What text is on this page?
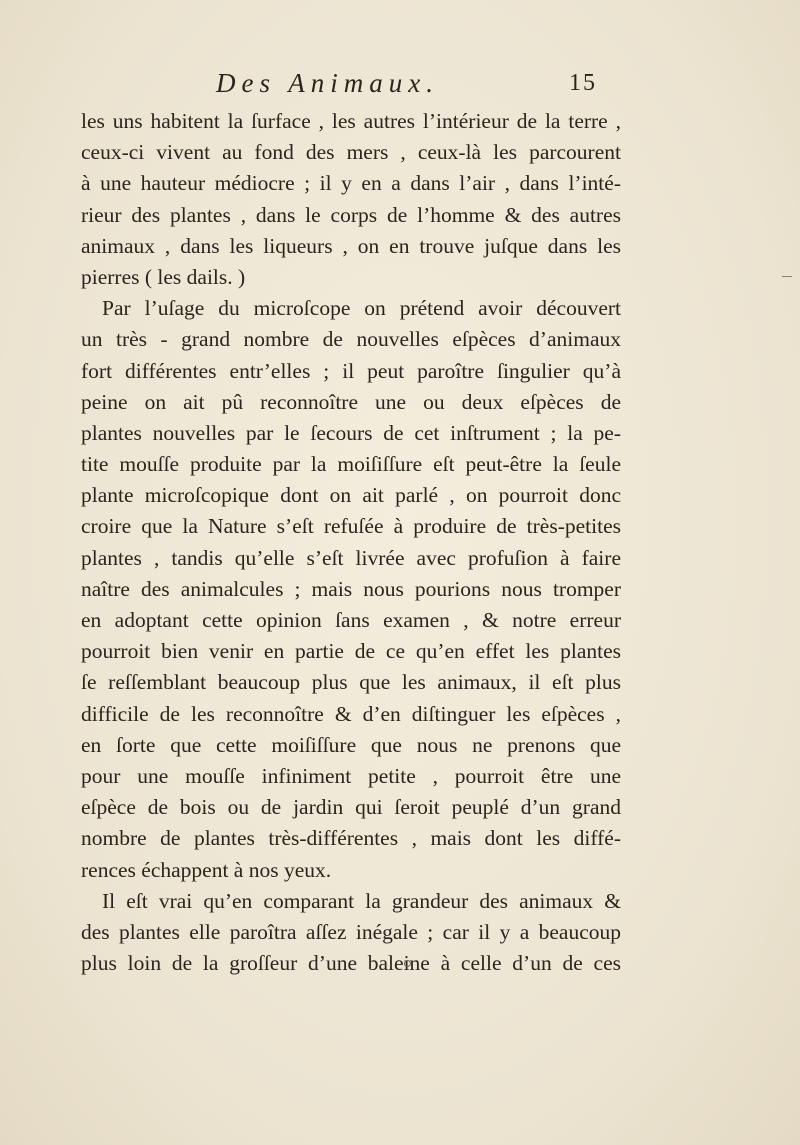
Des Animaux.	15
les uns habitent la ſurface , les autres l’intérieur de la terre ,
ceux-ci vivent au fond des mers , ceux-là les parcourent
à une hauteur médiocre ; il y en a dans l’air , dans l’inté-
rieur des plantes , dans le corps de l’homme & des autres
animaux , dans les liqueurs , on en trouve juſque dans les
pierres ( les dails. )
Par l’uſage du microſcope on prétend avoir découvert
un très - grand nombre de nouvelles eſpèces d’animaux
fort différentes entr’elles ; il peut paroître ſingulier qu’à
peine on ait pû reconnoître une ou deux eſpèces de
plantes nouvelles par le ſecours de cet inſtrument ; la pe-
tite mouſſe produite par la moiſiſſure eſt peut-être la ſeule
plante microſcopique dont on ait parlé , on pourroit donc
croire que la Nature s’eſt refuſée à produire de très-petites
plantes , tandis qu’elle s’eſt livrée avec profuſion à faire
naître des animalcules ; mais nous pourions nous tromper
en adoptant cette opinion ſans examen , & notre erreur
pourroit bien venir en partie de ce qu’en effet les plantes
ſe reſſemblant beaucoup plus que les animaux, il eſt plus
difficile de les reconnoître & d’en diſtinguer les eſpèces ,
en ſorte que cette moiſiſſure que nous ne prenons que
pour une mouſſe infiniment petite , pourroit être une
eſpèce de bois ou de jardin qui ſeroit peuplé d’un grand
nombre de plantes très-différentes , mais dont les diffé-
rences échappent à nos yeux.
Il eſt vrai qu’en comparant la grandeur des animaux &
des plantes elle paroîtra aſſez inégale ; car il y a beaucoup
plus loin de la groſſeur d’une baleine à celle d’un de ces
